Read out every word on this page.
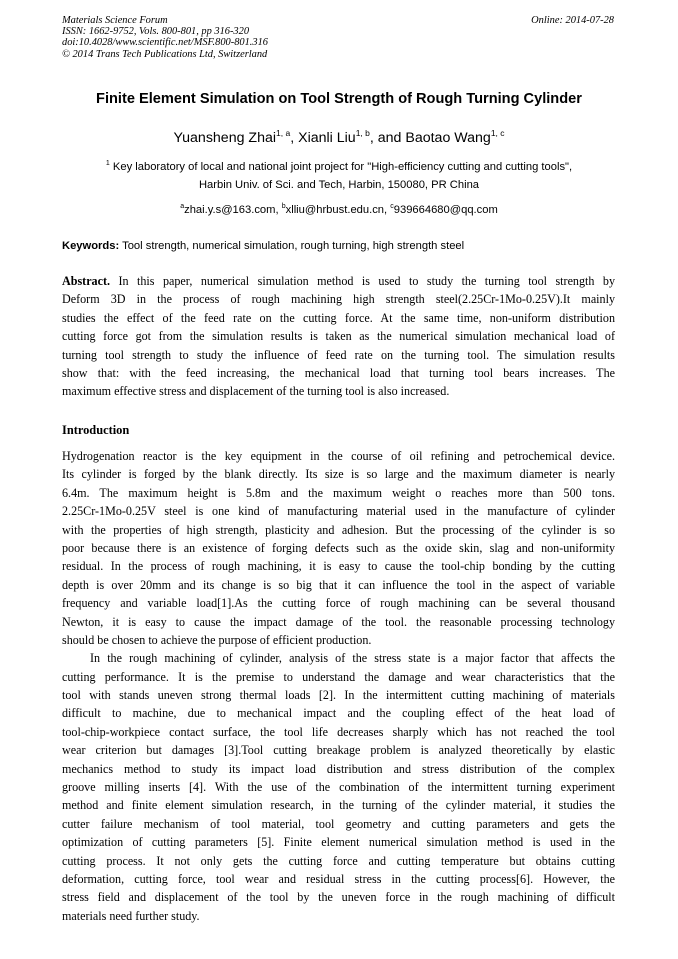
Materials Science Forum
ISSN: 1662-9752, Vols. 800-801, pp 316-320
doi:10.4028/www.scientific.net/MSF.800-801.316
© 2014 Trans Tech Publications Ltd, Switzerland
Online: 2014-07-28
Finite Element Simulation on Tool Strength of Rough Turning Cylinder
Yuansheng Zhai$^{1, a}$, Xianli Liu$^{1, b}$, and Baotao Wang$^{1, c}$
$^1$ Key laboratory of local and national joint project for "High-efficiency cutting and cutting tools",
Harbin Univ. of Sci. and Tech, Harbin, 150080, PR China
$^a$zhai.y.s@163.com, $^b$xlliu@hrbust.edu.cn, $^c$939664680@qq.com
Keywords: Tool strength, numerical simulation, rough turning, high strength steel
Abstract. In this paper, numerical simulation method is used to study the turning tool strength by
Deform 3D in the process of rough machining high strength steel(2.25Cr-1Mo-0.25V).It mainly
studies the effect of the feed rate on the cutting force. At the same time, non-uniform distribution
cutting force got from the simulation results is taken as the numerical simulation mechanical load of
turning tool strength to study the influence of feed rate on the turning tool. The simulation results
show that: with the feed increasing, the mechanical load that turning tool bears increases. The
maximum effective stress and displacement of the turning tool is also increased.
Introduction
Hydrogenation reactor is the key equipment in the course of oil refining and petrochemical device.
Its cylinder is forged by the blank directly. Its size is so large and the maximum diameter is nearly
6.4m. The maximum height is 5.8m and the maximum weight o reaches more than 500 tons.
2.25Cr-1Mo-0.25V steel is one kind of manufacturing material used in the manufacture of cylinder
with the properties of high strength, plasticity and adhesion. But the processing of the cylinder is so
poor because there is an existence of forging defects such as the oxide skin, slag and non-uniformity
residual. In the process of rough machining, it is easy to cause the tool-chip bonding by the cutting
depth is over 20mm and its change is so big that it can influence the tool in the aspect of variable
frequency and variable load[1].As the cutting force of rough machining can be several thousand
Newton, it is easy to cause the impact damage of the tool. the reasonable processing technology
should be chosen to achieve the purpose of efficient production.
In the rough machining of cylinder, analysis of the stress state is a major factor that affects the
cutting performance. It is the premise to understand the damage and wear characteristics that the
tool with stands uneven strong thermal loads [2]. In the intermittent cutting machining of materials
difficult to machine, due to mechanical impact and the coupling effect of the heat load of
tool-chip-workpiece contact surface, the tool life decreases sharply which has not reached the tool
wear criterion but damages [3].Tool cutting breakage problem is analyzed theoretically by elastic
mechanics method to study its impact load distribution and stress distribution of the complex
groove milling inserts [4]. With the use of the combination of the intermittent turning experiment
method and finite element simulation research, in the turning of the cylinder material, it studies the
cutter failure mechanism of tool material, tool geometry and cutting parameters and gets the
optimization of cutting parameters [5]. Finite element numerical simulation method is used in the
cutting process. It not only gets the cutting force and cutting temperature but obtains cutting
deformation, cutting force, tool wear and residual stress in the cutting process[6]. However, the
stress field and displacement of the tool by the uneven force in the rough machining of difficult
materials need further study.
